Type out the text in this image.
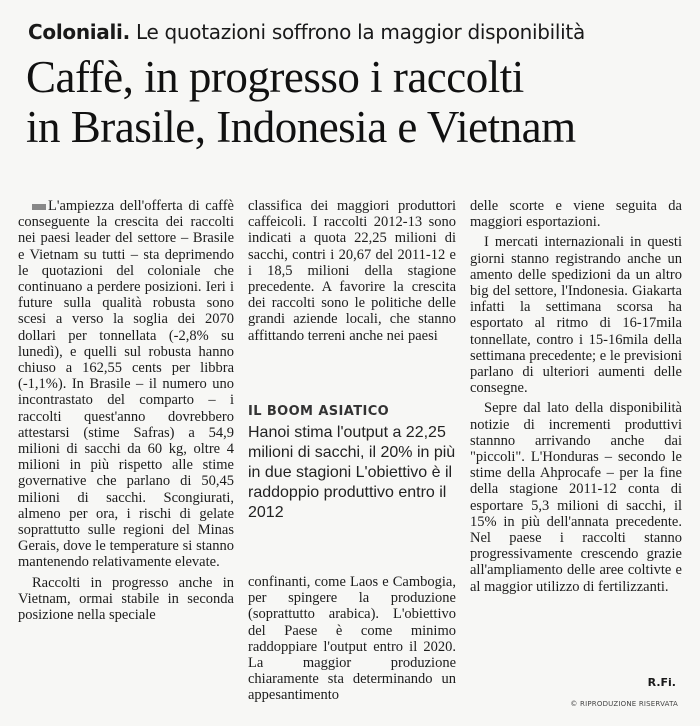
Coloniali. Le quotazioni soffrono la maggior disponibilità
Caffè, in progresso i raccolti
in Brasile, Indonesia e Vietnam

L'ampiezza dell'offerta di caffè conseguente la crescita dei raccolti nei paesi leader del settore – Brasile e Vietnam su tutti – sta deprimendo le quotazioni del coloniale che continuano a perdere posizioni. Ieri i future sulla qualità robusta sono scesi a verso la soglia dei 2070 dollari per tonnellata (-2,8% su lunedì), e quelli sul robusta hanno chiuso a 162,55 cents per libbra (-1,1%). In Brasile – il numero uno incontrastato del comparto – i raccolti quest'anno dovrebbero attestarsi (stime Safras) a 54,9 milioni di sacchi da 60 kg, oltre 4 milioni in più rispetto alle stime governative che parlano di 50,45 milioni di sacchi. Scongiurati, almeno per ora, i rischi di gelate soprattutto sulle regioni del Minas Gerais, dove le temperature si stanno mantenendo relativamente elevate.

Raccolti in progresso anche in Vietnam, ormai stabile in seconda posizione nella speciale

classifica dei maggiori produttori caffeicoli. I raccolti 2012-13 sono indicati a quota 22,25 milioni di sacchi, contri i 20,67 del 2011-12 e i 18,5 milioni della stagione precedente. A favorire la crescita dei raccolti sono le politiche delle grandi aziende locali, che stanno affittando terreni anche nei paesi

IL BOOM ASIATICO
Hanoi stima l'output a 22,25 milioni di sacchi, il 20% in più in due stagioni L'obiettivo è il raddoppio produttivo entro il 2012

confinanti, come Laos e Cambogia, per spingere la produzione (soprattutto arabica). L'obiettivo del Paese è come minimo raddoppiare l'output entro il 2020. La maggior produzione chiaramente sta determinando un appesantimento

delle scorte e viene seguita da maggiori esportazioni.

I mercati internazionali in questi giorni stanno registrando anche un amento delle spedizioni da un altro big del settore, l'Indonesia. Giakarta infatti la settimana scorsa ha esportato al ritmo di 16-17mila tonnellate, contro i 15-16mila della settimana precedente; e le previsioni parlano di ulteriori aumenti delle consegne.

Sepre dal lato della disponibilità notizie di incrementi produttivi stannno arrivando anche dai "piccoli". L'Honduras – secondo le stime della Ahprocafe – per la fine della stagione 2011-12 conta di esportare 5,3 milioni di sacchi, il 15% in più dell'annata precedente. Nel paese i raccolti stanno progressivamente crescendo grazie all'ampliamento delle aree coltivte e al maggior utilizzo di fertilizzanti.

R.Fi.
© RIPRODUZIONE RISERVATA
